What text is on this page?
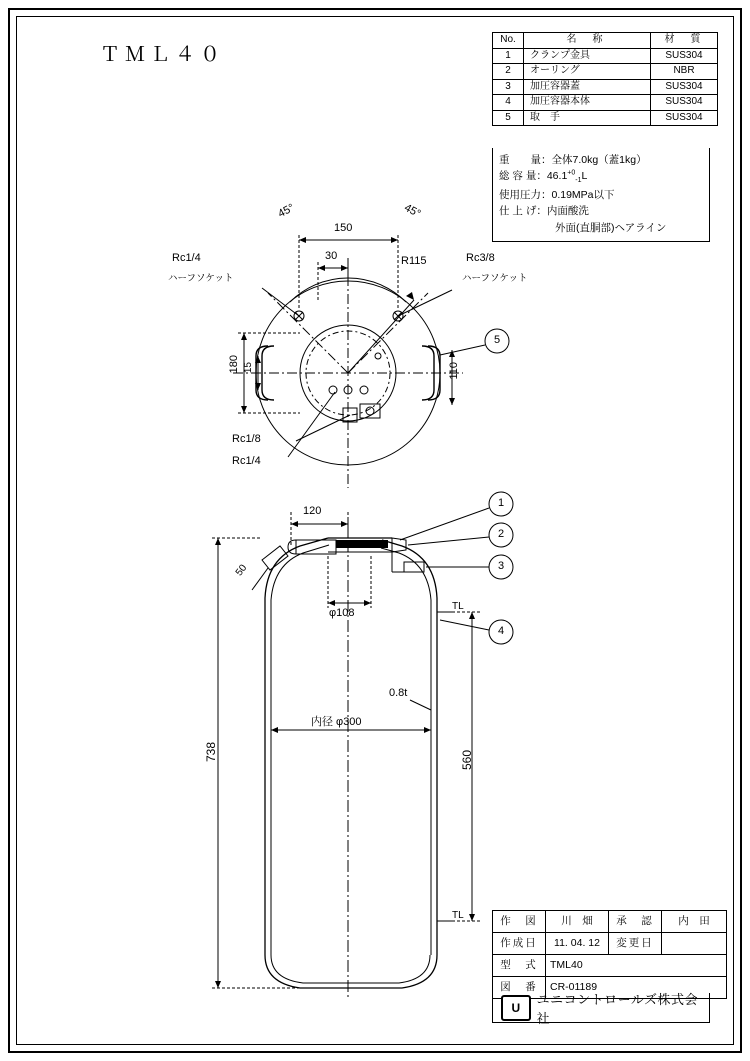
ＴＭＬ４０
No.	名　称	材　質
1	クランプ金具	SUS304
2	オーリング	NBR
3	加圧容器蓋	SUS304
4	加圧容器本体	SUS304
5	取　手	SUS304
重　　量：全体7.0kg（蓋1kg）
総 容 量：$46.1^{+0}_{-1}L$
使用圧力：0.19MPa以下
仕 上 げ：内面酸洗
外面(直胴部)ヘアライン
作　図	川　畑	承　認	内　田
作成日	11. 04. 12	変更日	
型　式	TML40		
図　番	CR-01189		
U
ユニコントロールズ株式会社
45°	45°
150
30	R115
Rc1/4
ハーフソケット
Rc3/8
ハーフソケット
180 15	110
Rc1/8
Rc1/4
5
120
50
φ108
0.8t
内径 φ300
738	560
TL
TL
1
2
3
4
